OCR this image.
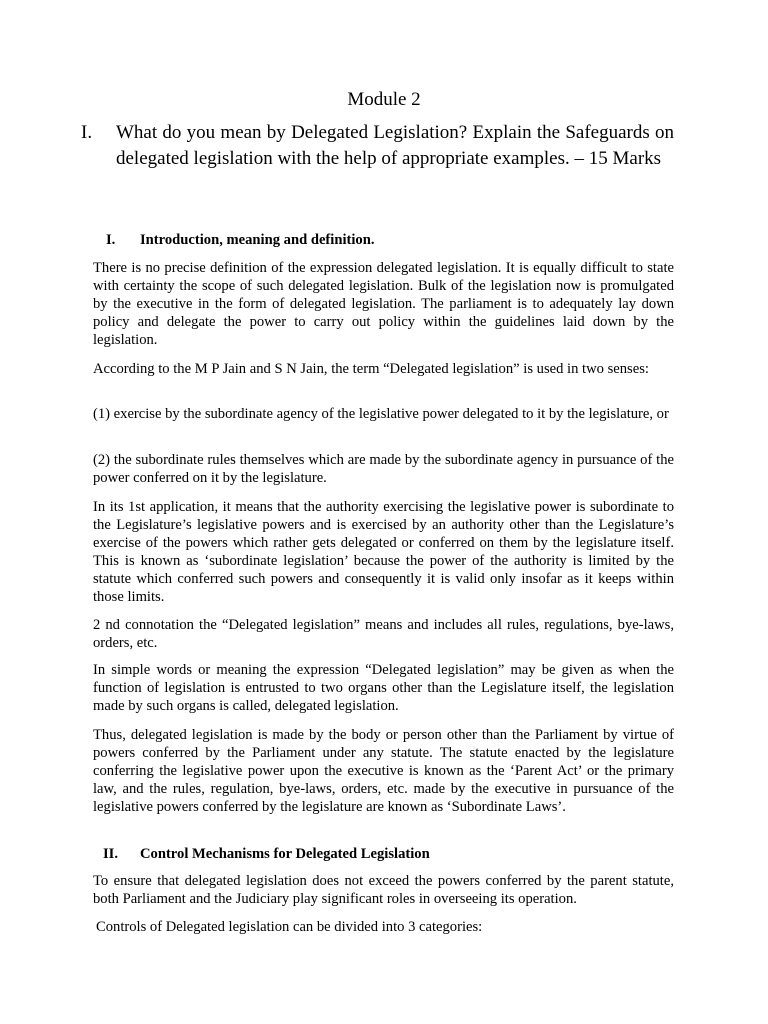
Module 2
I. What do you mean by Delegated Legislation? Explain the Safeguards on delegated legislation with the help of appropriate examples. – 15 Marks
I. Introduction, meaning and definition.

There is no precise definition of the expression delegated legislation. It is equally difficult to state with certainty the scope of such delegated legislation. Bulk of the legislation now is promulgated by the executive in the form of delegated legislation. The parliament is to adequately lay down policy and delegate the power to carry out policy within the guidelines laid down by the legislation.

According to the M P Jain and S N Jain, the term “Delegated legislation” is used in two senses:

(1) exercise by the subordinate agency of the legislative power delegated to it by the legislature, or

(2) the subordinate rules themselves which are made by the subordinate agency in pursuance of the power conferred on it by the legislature.

In its 1st application, it means that the authority exercising the legislative power is subordinate to the Legislature’s legislative powers and is exercised by an authority other than the Legislature’s exercise of the powers which rather gets delegated or conferred on them by the legislature itself. This is known as ‘subordinate legislation’ because the power of the authority is limited by the statute which conferred such powers and consequently it is valid only insofar as it keeps within those limits.

2 nd connotation the “Delegated legislation” means and includes all rules, regulations, bye-laws, orders, etc.

In simple words or meaning the expression “Delegated legislation” may be given as when the function of legislation is entrusted to two organs other than the Legislature itself, the legislation made by such organs is called, delegated legislation.

Thus, delegated legislation is made by the body or person other than the Parliament by virtue of powers conferred by the Parliament under any statute. The statute enacted by the legislature conferring the legislative power upon the executive is known as the ‘Parent Act’ or the primary law, and the rules, regulation, bye-laws, orders, etc. made by the executive in pursuance of the legislative powers conferred by the legislature are known as ‘Subordinate Laws’.

II. Control Mechanisms for Delegated Legislation

To ensure that delegated legislation does not exceed the powers conferred by the parent statute, both Parliament and the Judiciary play significant roles in overseeing its operation.

Controls of Delegated legislation can be divided into 3 categories:
